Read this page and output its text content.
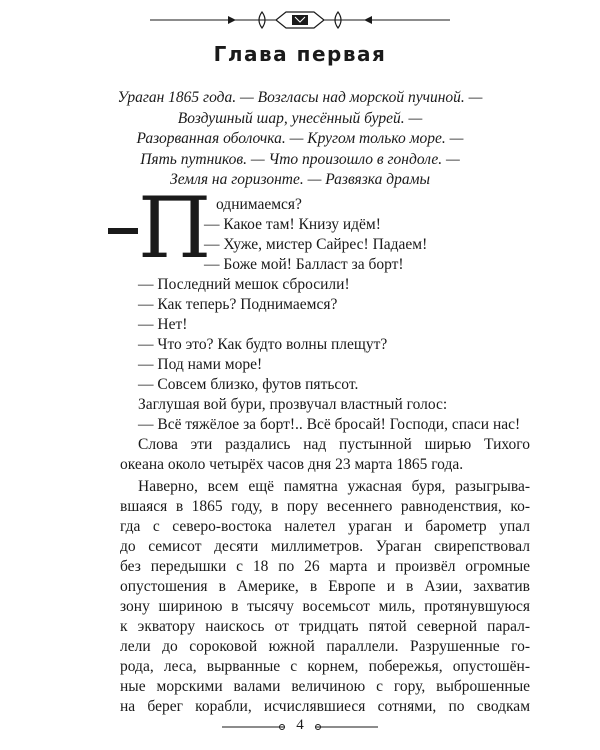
Глава первая
Ураган 1865 года. — Возгласы над морской пучиной. —
Воздушный шар, унесённый бурей. —
Разорванная оболочка. — Кругом только море. —
Пять путников. — Что произошло в гондоле. —
Земля на горизонте. — Развязка драмы
П однимаемся?
— Какое там! Книзу идём!
— Хуже, мистер Сайрес! Падаем!
— Боже мой! Балласт за борт!
— Последний мешок сбросили!
— Как теперь? Поднимаемся?
— Нет!
— Что это? Как будто волны плещут?
— Под нами море!
— Совсем близко, футов пятьсот.
Заглушая вой бури, прозвучал властный голос:
— Всё тяжёлое за борт!.. Всё бросай! Господи, спаси нас!
Слова эти раздались над пустынной ширью Тихого
океана около четырёх часов дня 23 марта 1865 года.
Наверно, всем ещё памятна ужасная буря, разыгрыва-
вшаяся в 1865 году, в пору весеннего равноденствия, ко-
гда с северо-востока налетел ураган и барометр упал
до семисот десяти миллиметров. Ураган свирепствовал
без передышки с 18 по 26 марта и произвёл огромные
опустошения в Америке, в Европе и в Азии, захватив
зону шириною в тысячу восемьсот миль, протянувшуюся
к экватору наискось от тридцать пятой северной парал-
лели до сороковой южной параллели. Разрушенные го-
рода, леса, вырванные с корнем, побережья, опустошён-
ные морскими валами величиною с гору, выброшенные
на берег корабли, исчислявшиеся сотнями, по сводкам
4
